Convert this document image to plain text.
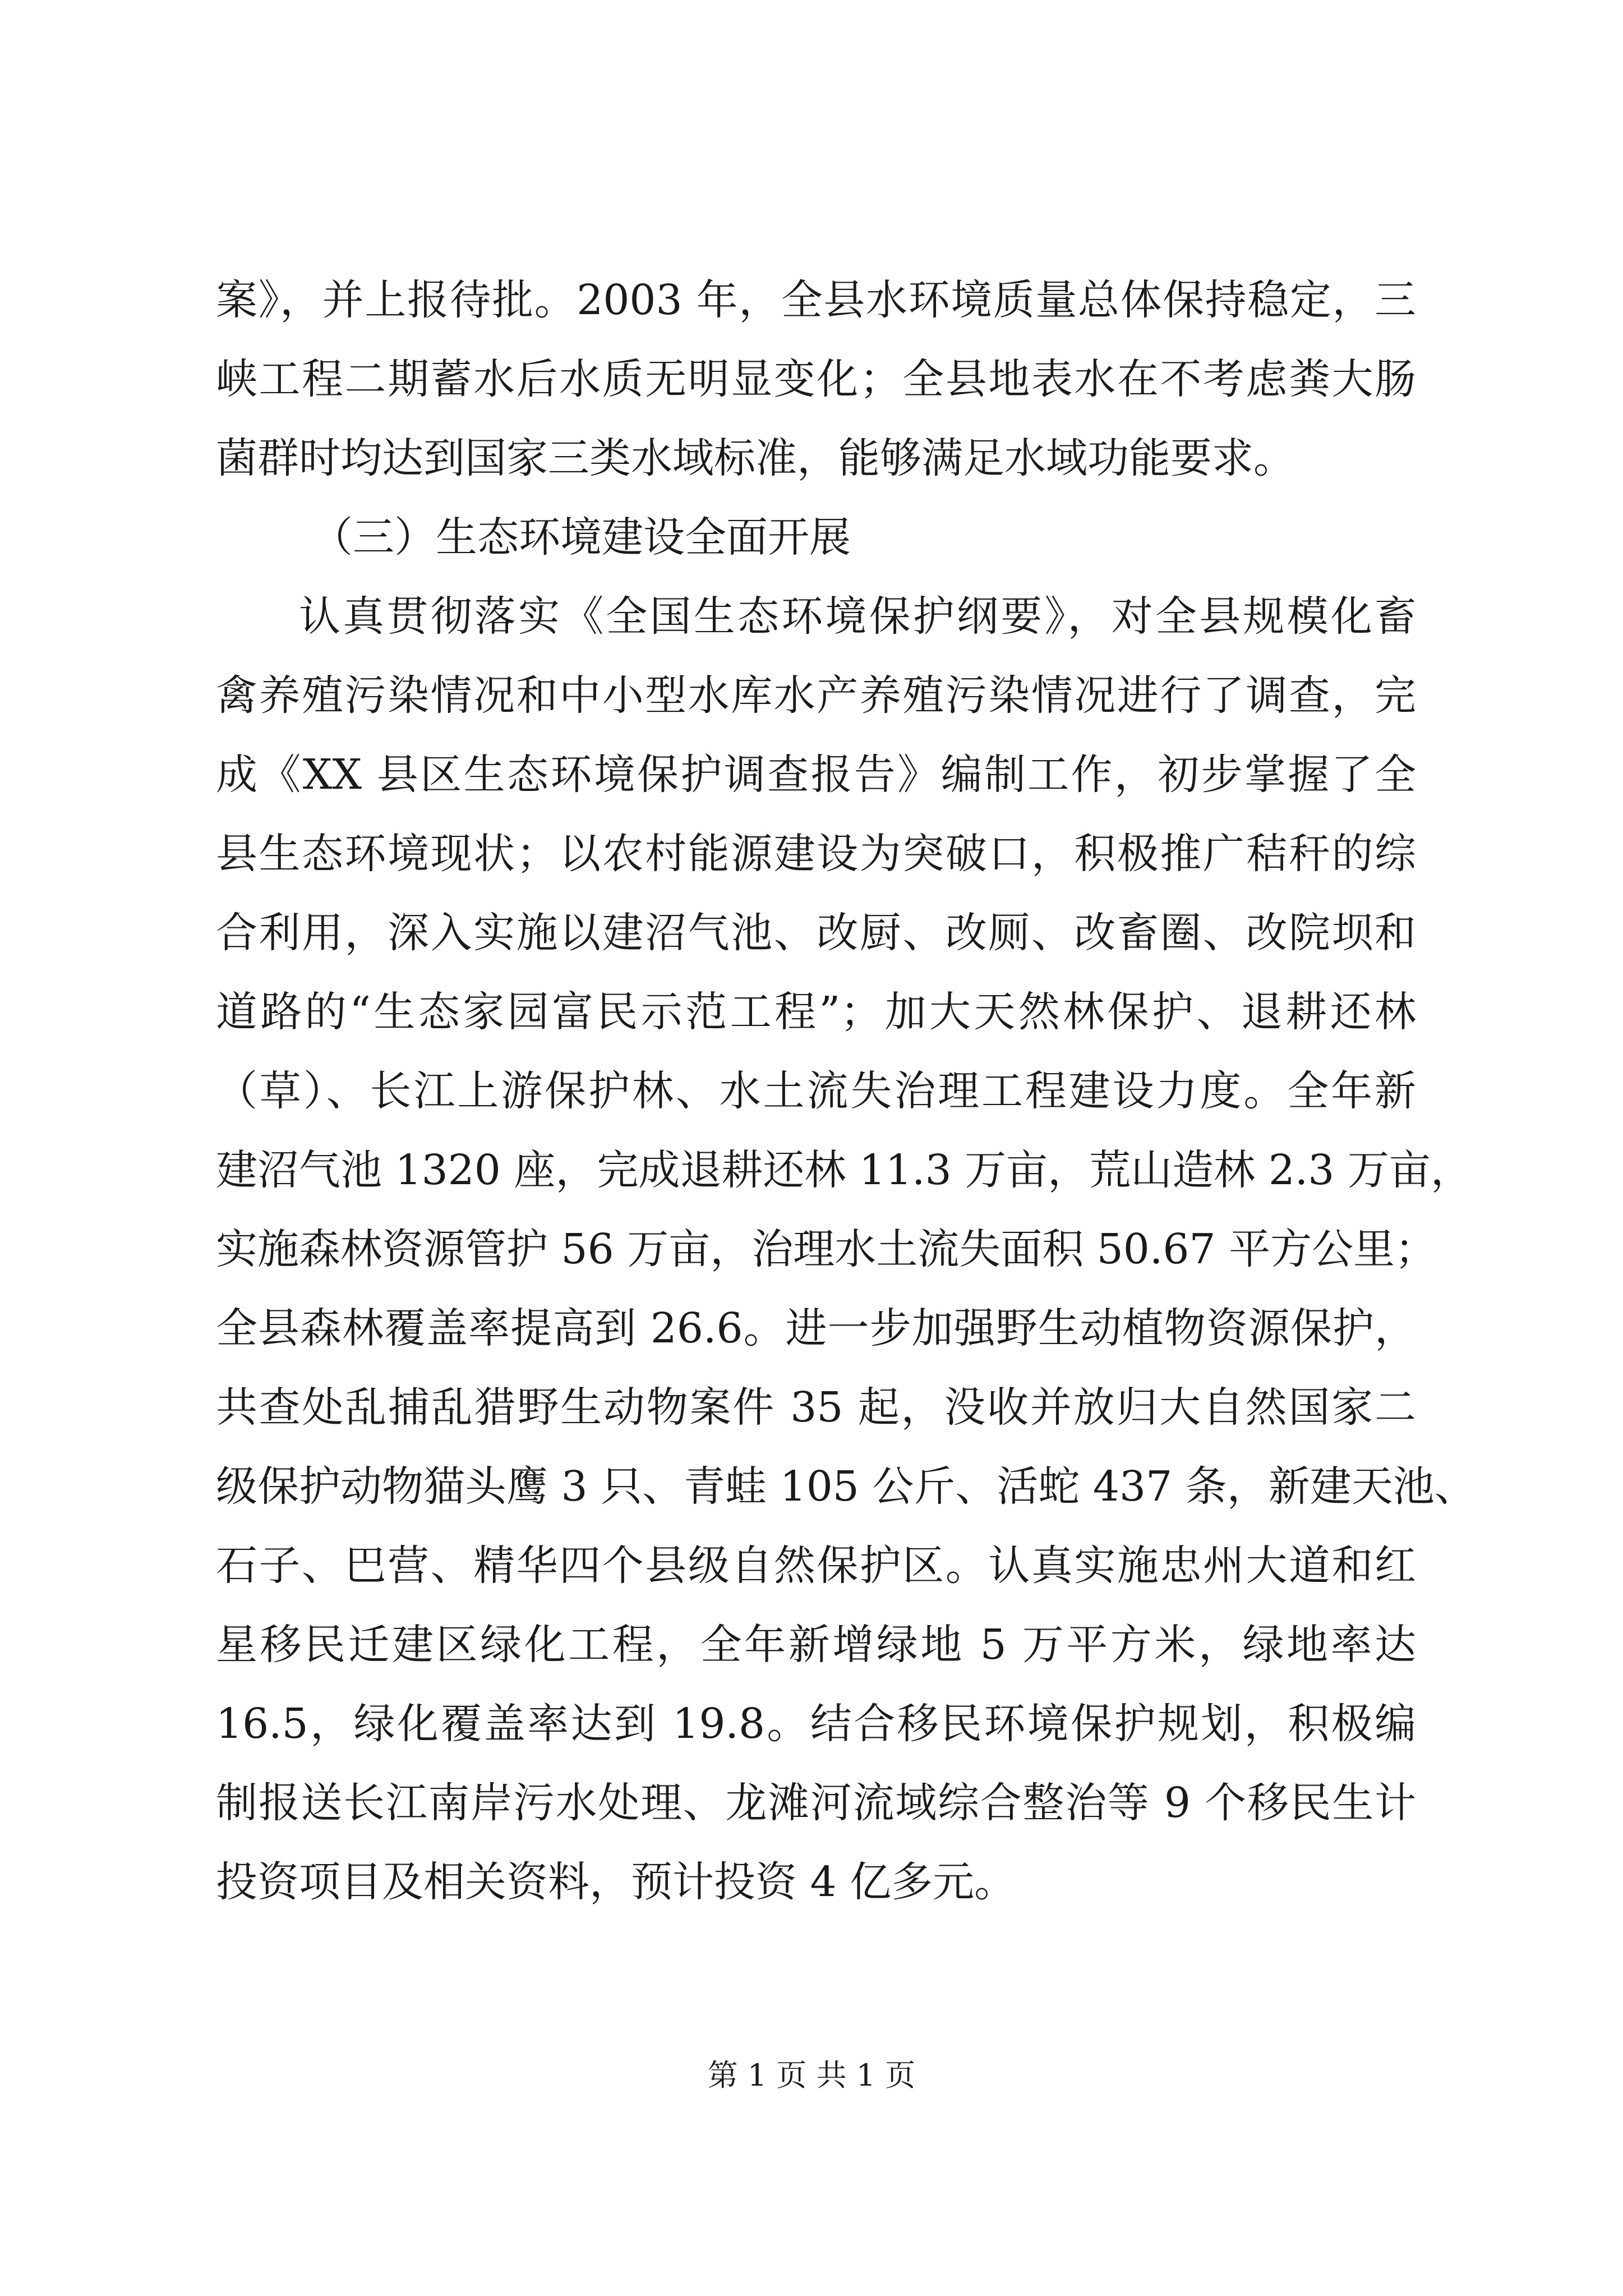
案》，并上报待批。2003 年，全县水环境质量总体保持稳定，三
峡工程二期蓄水后水质无明显变化；全县地表水在不考虑粪大肠
菌群时均达到国家三类水域标准，能够满足水域功能要求。
（三）生态环境建设全面开展
认真贯彻落实《全国生态环境保护纲要》，对全县规模化畜
禽养殖污染情况和中小型水库水产养殖污染情况进行了调查，完
成《XX 县区生态环境保护调查报告》编制工作，初步掌握了全
县生态环境现状；以农村能源建设为突破口，积极推广秸秆的综
合利用，深入实施以建沼气池、改厨、改厕、改畜圈、改院坝和
道路的“生态家园富民示范工程”；加大天然林保护、退耕还林
（草）、长江上游保护林、水土流失治理工程建设力度。全年新
建沼气池 1320 座，完成退耕还林 11.3 万亩，荒山造林 2.3 万亩，
实施森林资源管护 56 万亩，治理水土流失面积 50.67 平方公里；
全县森林覆盖率提高到 26.6。进一步加强野生动植物资源保护，
共查处乱捕乱猎野生动物案件 35 起，没收并放归大自然国家二
级保护动物猫头鹰 3 只、青蛙 105 公斤、活蛇 437 条，新建天池、
石子、巴营、精华四个县级自然保护区。认真实施忠州大道和红
星移民迁建区绿化工程，全年新增绿地 5 万平方米，绿地率达
16.5，绿化覆盖率达到 19.8。结合移民环境保护规划，积极编
制报送长江南岸污水处理、龙滩河流域综合整治等 9 个移民生计
投资项目及相关资料，预计投资 4 亿多元。
第 1 页 共 1 页
